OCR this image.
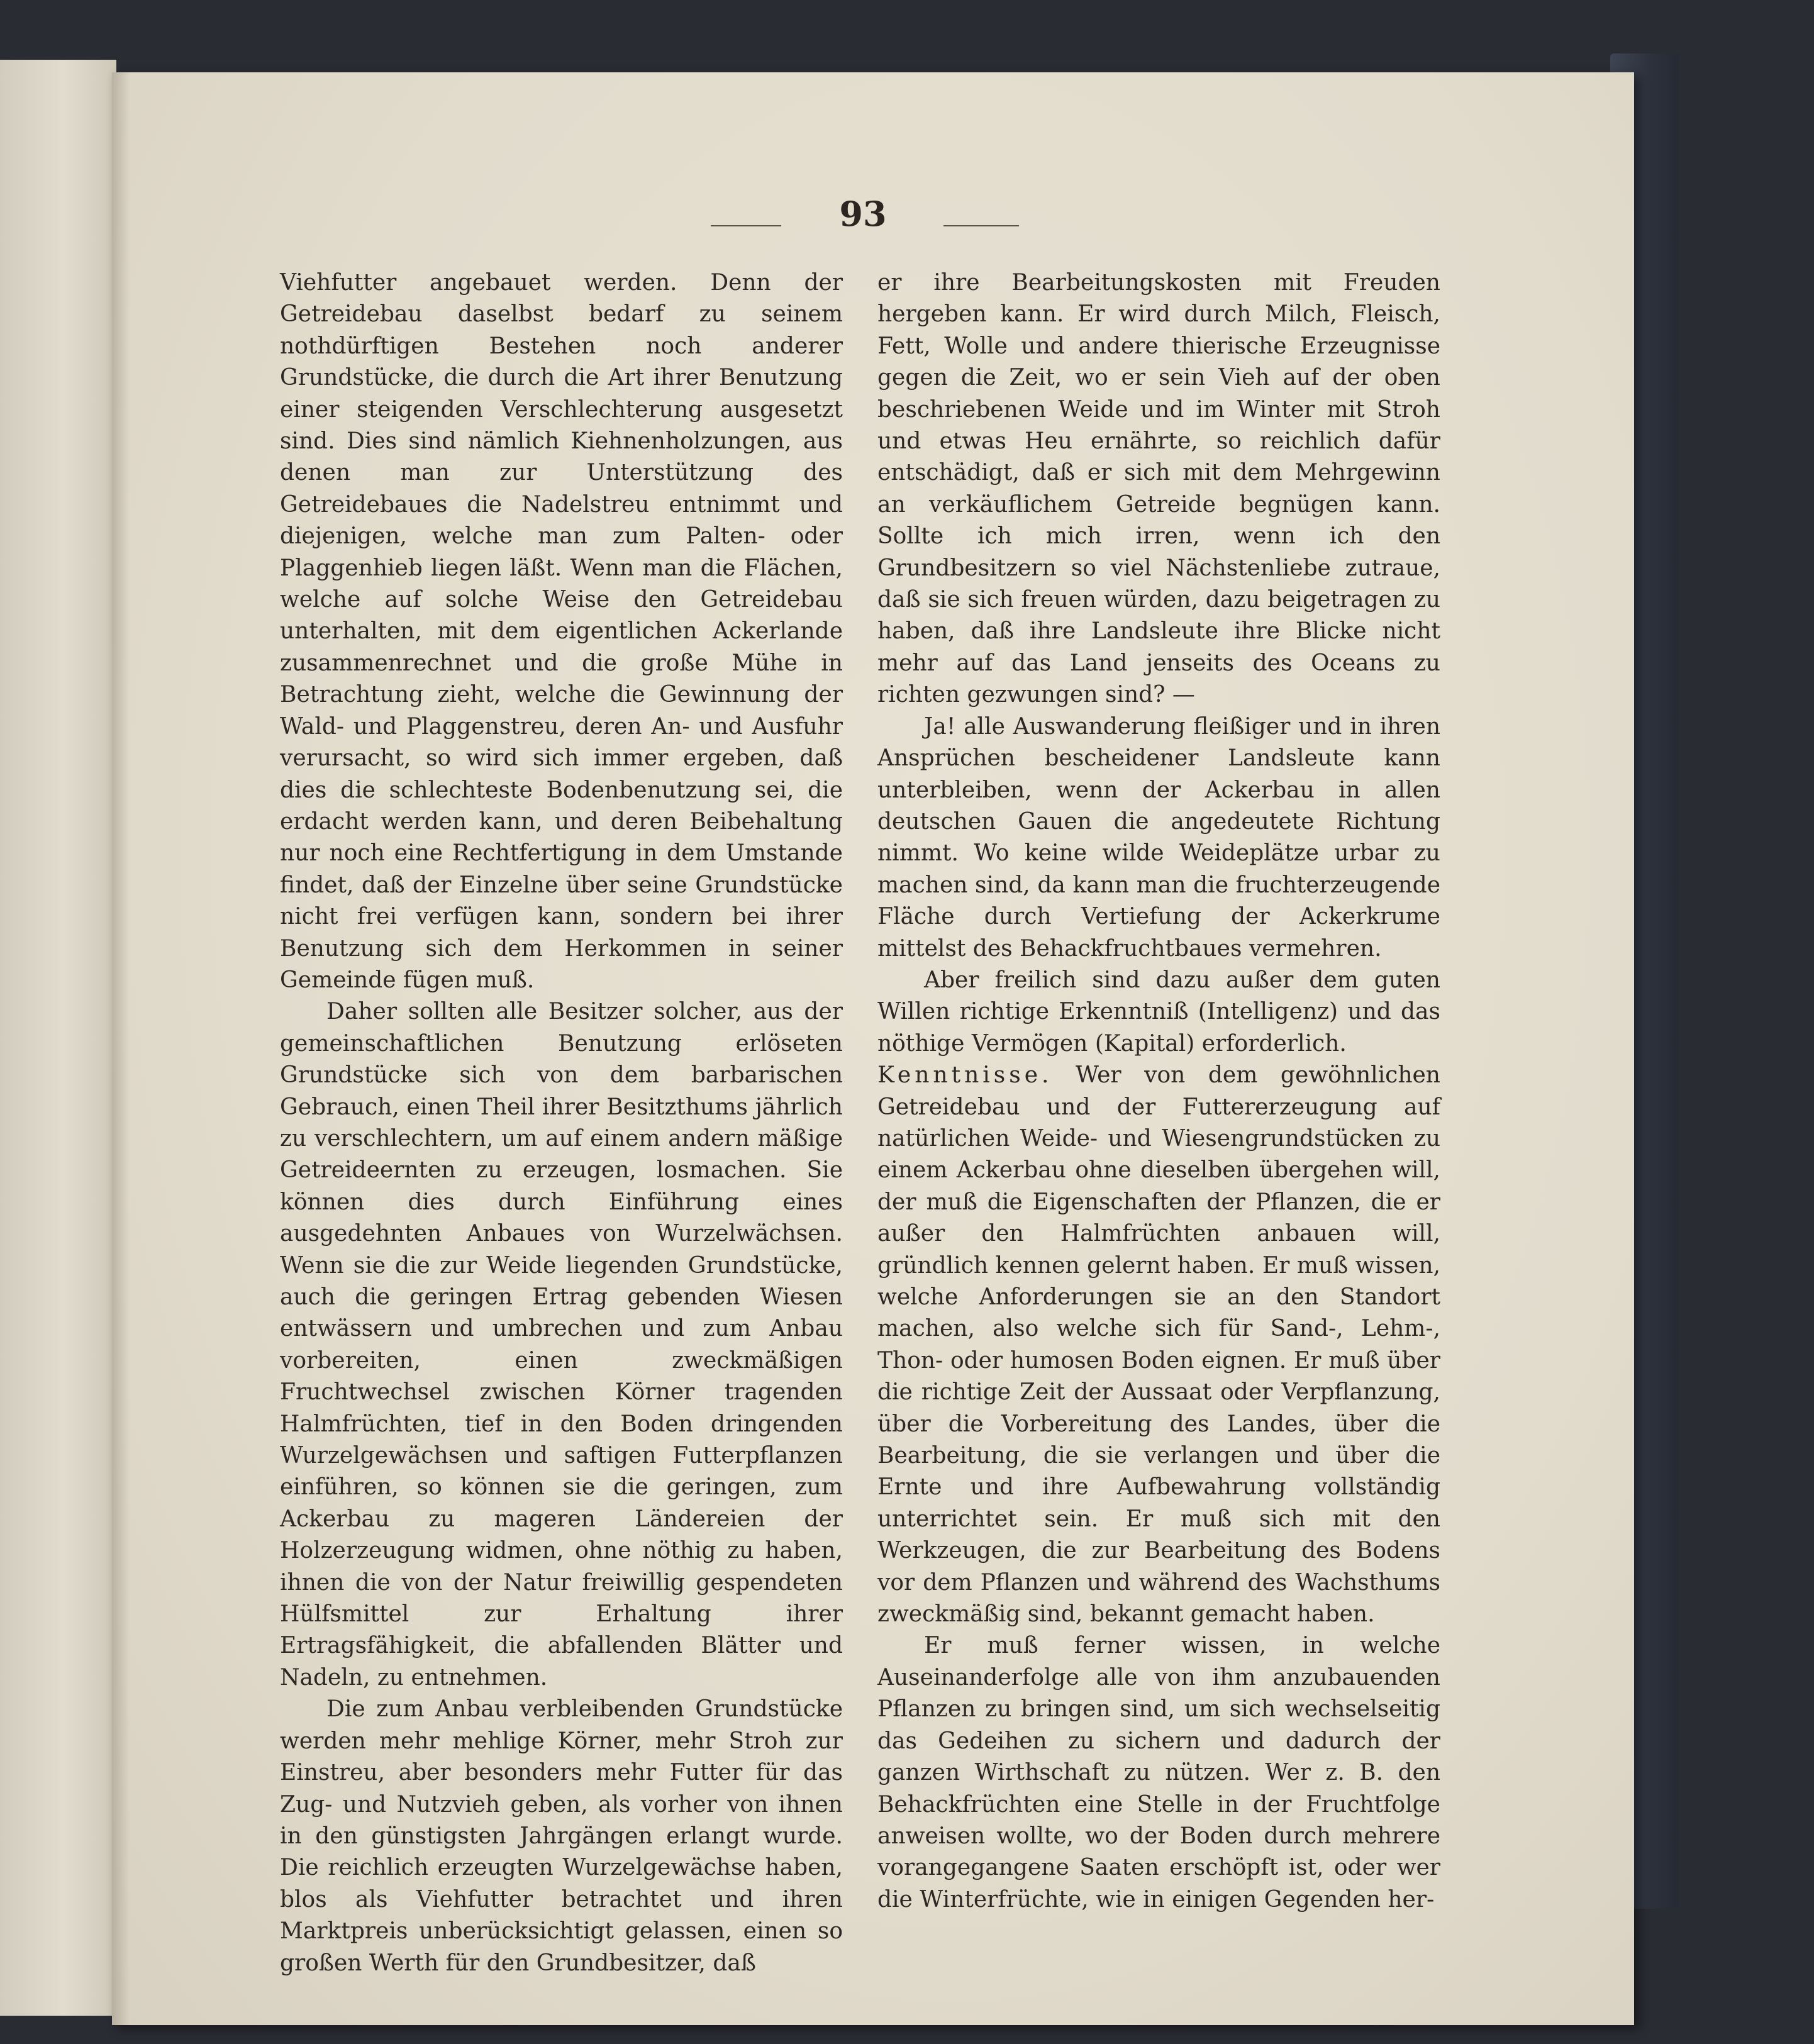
93

Viehfutter angebauet werden. Denn der Getreidebau daselbst bedarf zu seinem nothdürftigen Bestehen noch anderer Grundstücke, die durch die Art ihrer Benutzung einer steigenden Verschlechterung ausgesetzt sind. Dies sind nämlich Kiehnenholzungen, aus denen man zur Unterstützung des Getreidebaues die Nadelstreu entnimmt und diejenigen, welche man zum Palten- oder Plaggenhieb liegen läßt. Wenn man die Flächen, welche auf solche Weise den Getreidebau unterhalten, mit dem eigentlichen Ackerlande zusammenrechnet und die große Mühe in Betrachtung zieht, welche die Gewinnung der Wald- und Plaggenstreu, deren An- und Ausfuhr verursacht, so wird sich immer ergeben, daß dies die schlechteste Bodenbenutzung sei, die erdacht werden kann, und deren Beibehaltung nur noch eine Rechtfertigung in dem Umstande findet, daß der Einzelne über seine Grundstücke nicht frei verfügen kann, sondern bei ihrer Benutzung sich dem Herkommen in seiner Gemeinde fügen muß.

Daher sollten alle Besitzer solcher, aus der gemeinschaftlichen Benutzung erlöseten Grundstücke sich von dem barbarischen Gebrauch, einen Theil ihrer Besitzthums jährlich zu verschlechtern, um auf einem andern mäßige Getreideernten zu erzeugen, losmachen. Sie können dies durch Einführung eines ausgedehnten Anbaues von Wurzelwächsen. Wenn sie die zur Weide liegenden Grundstücke, auch die geringen Ertrag gebenden Wiesen entwässern und umbrechen und zum Anbau vorbereiten, einen zweckmäßigen Fruchtwechsel zwischen Körner tragenden Halmfrüchten, tief in den Boden dringenden Wurzelgewächsen und saftigen Futterpflanzen einführen, so können sie die geringen, zum Ackerbau zu mageren Ländereien der Holzerzeugung widmen, ohne nöthig zu haben, ihnen die von der Natur freiwillig gespendeten Hülfsmittel zur Erhaltung ihrer Ertragsfähigkeit, die abfallenden Blätter und Nadeln, zu entnehmen.

Die zum Anbau verbleibenden Grundstücke werden mehr mehlige Körner, mehr Stroh zur Einstreu, aber besonders mehr Futter für das Zug- und Nutzvieh geben, als vorher von ihnen in den günstigsten Jahrgängen erlangt wurde. Die reichlich erzeugten Wurzelgewächse haben, blos als Viehfutter betrachtet und ihren Marktpreis unberücksichtigt gelassen, einen so großen Werth für den Grundbesitzer, daß

er ihre Bearbeitungskosten mit Freuden hergeben kann. Er wird durch Milch, Fleisch, Fett, Wolle und andere thierische Erzeugnisse gegen die Zeit, wo er sein Vieh auf der oben beschriebenen Weide und im Winter mit Stroh und etwas Heu ernährte, so reichlich dafür entschädigt, daß er sich mit dem Mehrgewinn an verkäuflichem Getreide begnügen kann. Sollte ich mich irren, wenn ich den Grundbesitzern so viel Nächstenliebe zutraue, daß sie sich freuen würden, dazu beigetragen zu haben, daß ihre Landsleute ihre Blicke nicht mehr auf das Land jenseits des Oceans zu richten gezwungen sind? —

Ja! alle Auswanderung fleißiger und in ihren Ansprüchen bescheidener Landsleute kann unterbleiben, wenn der Ackerbau in allen deutschen Gauen die angedeutete Richtung nimmt. Wo keine wilde Weideplätze urbar zu machen sind, da kann man die fruchterzeugende Fläche durch Vertiefung der Ackerkrume mittelst des Behackfruchtbaues vermehren.

Aber freilich sind dazu außer dem guten Willen richtige Erkenntniß (Intelligenz) und das nöthige Vermögen (Kapital) erforderlich.

Kenntnisse. Wer von dem gewöhnlichen Getreidebau und der Futtererzeugung auf natürlichen Weide- und Wiesengrundstücken zu einem Ackerbau ohne dieselben übergehen will, der muß die Eigenschaften der Pflanzen, die er außer den Halmfrüchten anbauen will, gründlich kennen gelernt haben. Er muß wissen, welche Anforderungen sie an den Standort machen, also welche sich für Sand-, Lehm-, Thon- oder humosen Boden eignen. Er muß über die richtige Zeit der Aussaat oder Verpflanzung, über die Vorbereitung des Landes, über die Bearbeitung, die sie verlangen und über die Ernte und ihre Aufbewahrung vollständig unterrichtet sein. Er muß sich mit den Werkzeugen, die zur Bearbeitung des Bodens vor dem Pflanzen und während des Wachsthums zweckmäßig sind, bekannt gemacht haben.

Er muß ferner wissen, in welche Auseinanderfolge alle von ihm anzubauenden Pflanzen zu bringen sind, um sich wechselseitig das Gedeihen zu sichern und dadurch der ganzen Wirthschaft zu nützen. Wer z. B. den Behackfrüchten eine Stelle in der Fruchtfolge anweisen wollte, wo der Boden durch mehrere vorangegangene Saaten erschöpft ist, oder wer die Winterfrüchte, wie in einigen Gegenden her-
